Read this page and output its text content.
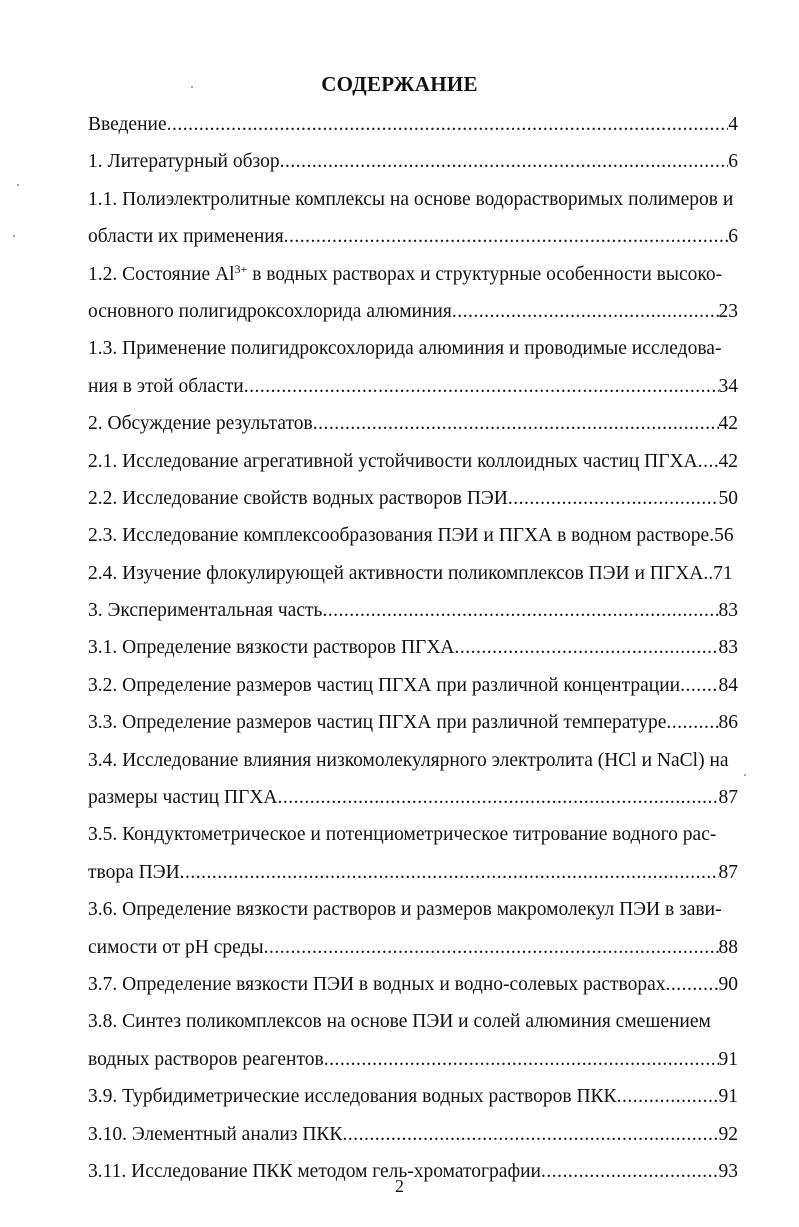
СОДЕРЖАНИЕ
Введение .....	4
1. Литературный обзор .....	6
1.1. Полиэлектролитные комплексы на основе водорастворимых полимеров и
области их применения .....	6
1.2. Состояние $Al^{3+}$ в водных растворах и структурные особенности высоко-
основного полигидроксохлорида алюминия .....	23
1.3. Применение полигидроксохлорида алюминия и проводимые исследова-
ния в этой области .....	34
2. Обсуждение результатов .....	42
2.1. Исследование агрегативной устойчивости коллоидных частиц ПГХА ..... 42
2.2. Исследование свойств водных растворов ПЭИ .....	50
2.3. Исследование комплексообразования ПЭИ и ПГХА в водном растворе. 56
2.4. Изучение флокулирующей активности поликомплексов ПЭИ и ПГХА.. 71
3. Экспериментальная часть .....	83
3.1. Определение вязкости растворов ПГХА .....	83
3.2. Определение размеров частиц ПГХА при различной концентрации ..... 84
3.3. Определение размеров частиц ПГХА при различной температуре .....	86
3.4. Исследование влияния низкомолекулярного электролита (HCl и NaCl) на
размеры частиц ПГХА .....	87
3.5. Кондуктометрическое и потенциометрическое титрование водного рас-
твора ПЭИ .....	87
3.6. Определение вязкости растворов и размеров макромолекул ПЭИ в зави-
симости от pH среды .....	88
3.7. Определение вязкости ПЭИ в водных и водно-солевых растворах .....	90
3.8. Синтез поликомплексов на основе ПЭИ и солей алюминия смешением
водных растворов реагентов .....	91
3.9. Турбидиметрические исследования водных растворов ПКК .....	91
3.10. Элементный анализ ПКК .....	92
3.11. Исследование ПКК методом гель-хроматографии .....	93
2
